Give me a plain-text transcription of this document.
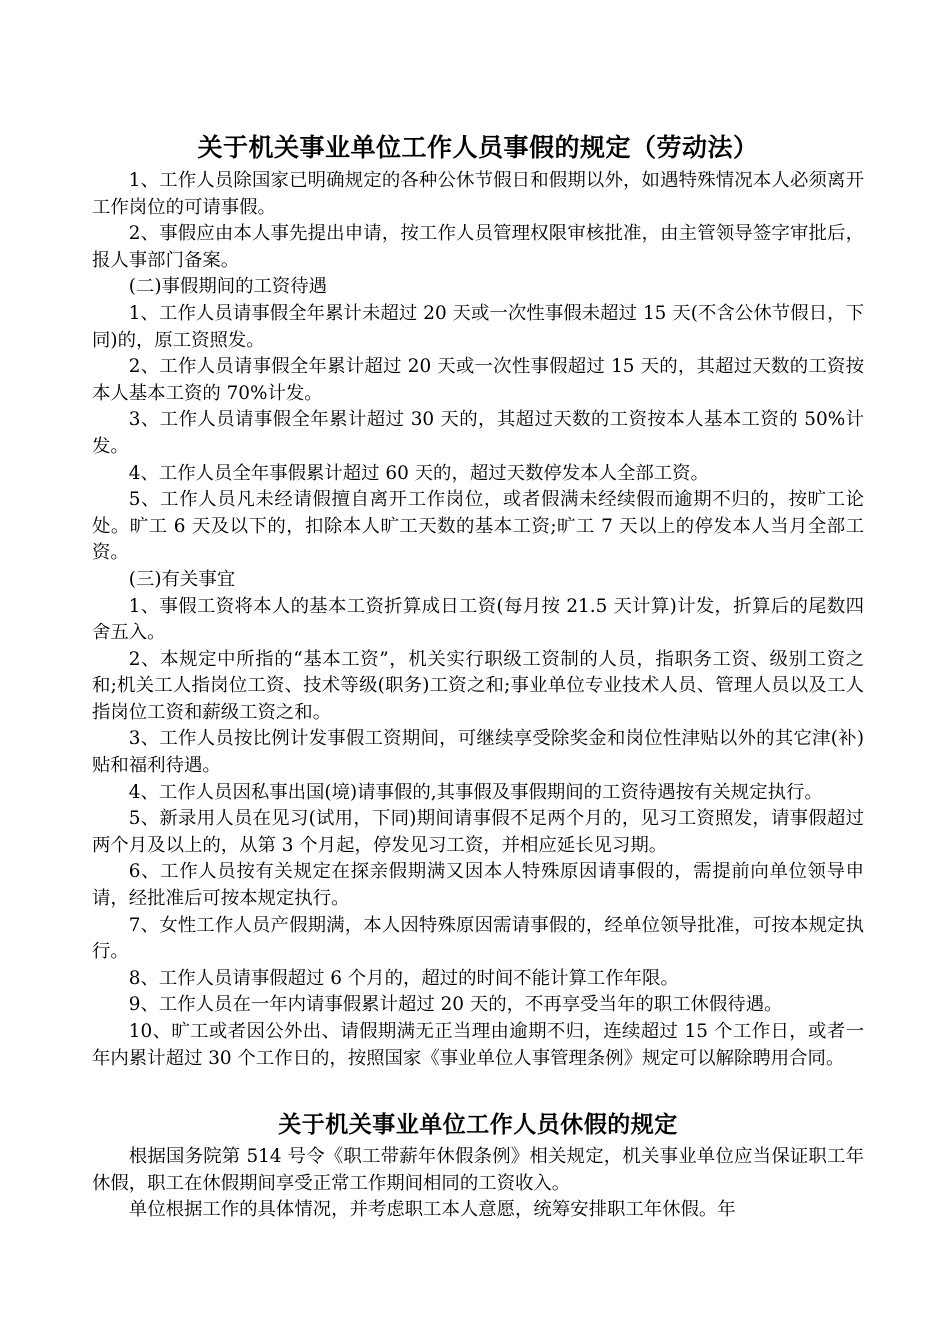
关于机关事业单位工作人员事假的规定（劳动法）

1、工作人员除国家已明确规定的各种公休节假日和假期以外，如遇特殊情况本人必须离开工作岗位的可请事假。

2、事假应由本人事先提出申请，按工作人员管理权限审核批准，由主管领导签字审批后，报人事部门备案。

(二)事假期间的工资待遇

1、工作人员请事假全年累计未超过 20 天或一次性事假未超过 15 天(不含公休节假日，下同)的，原工资照发。

2、工作人员请事假全年累计超过 20 天或一次性事假超过 15 天的，其超过天数的工资按本人基本工资的 70%计发。

3、工作人员请事假全年累计超过 30 天的，其超过天数的工资按本人基本工资的 50%计发。

4、工作人员全年事假累计超过 60 天的，超过天数停发本人全部工资。

5、工作人员凡未经请假擅自离开工作岗位，或者假满未经续假而逾期不归的，按旷工论处。旷工 6 天及以下的，扣除本人旷工天数的基本工资;旷工 7 天以上的停发本人当月全部工资。

(三)有关事宜

1、事假工资将本人的基本工资折算成日工资(每月按 21.5 天计算)计发，折算后的尾数四舍五入。

2、本规定中所指的“基本工资”，机关实行职级工资制的人员，指职务工资、级别工资之和;机关工人指岗位工资、技术等级(职务)工资之和;事业单位专业技术人员、管理人员以及工人指岗位工资和薪级工资之和。

3、工作人员按比例计发事假工资期间，可继续享受除奖金和岗位性津贴以外的其它津(补)贴和福利待遇。

4、工作人员因私事出国(境)请事假的,其事假及事假期间的工资待遇按有关规定执行。

5、新录用人员在见习(试用，下同)期间请事假不足两个月的，见习工资照发，请事假超过两个月及以上的，从第 3 个月起，停发见习工资，并相应延长见习期。

6、工作人员按有关规定在探亲假期满又因本人特殊原因请事假的，需提前向单位领导申请，经批准后可按本规定执行。

7、女性工作人员产假期满，本人因特殊原因需请事假的，经单位领导批准，可按本规定执行。

8、工作人员请事假超过 6 个月的，超过的时间不能计算工作年限。

9、工作人员在一年内请事假累计超过 20 天的，不再享受当年的职工休假待遇。

10、旷工或者因公外出、请假期满无正当理由逾期不归，连续超过 15 个工作日，或者一年内累计超过 30 个工作日的，按照国家《事业单位人事管理条例》规定可以解除聘用合同。

关于机关事业单位工作人员休假的规定

根据国务院第 514 号令《职工带薪年休假条例》相关规定，机关事业单位应当保证职工年休假，职工在休假期间享受正常工作期间相同的工资收入。

单位根据工作的具体情况，并考虑职工本人意愿，统筹安排职工年休假。年
